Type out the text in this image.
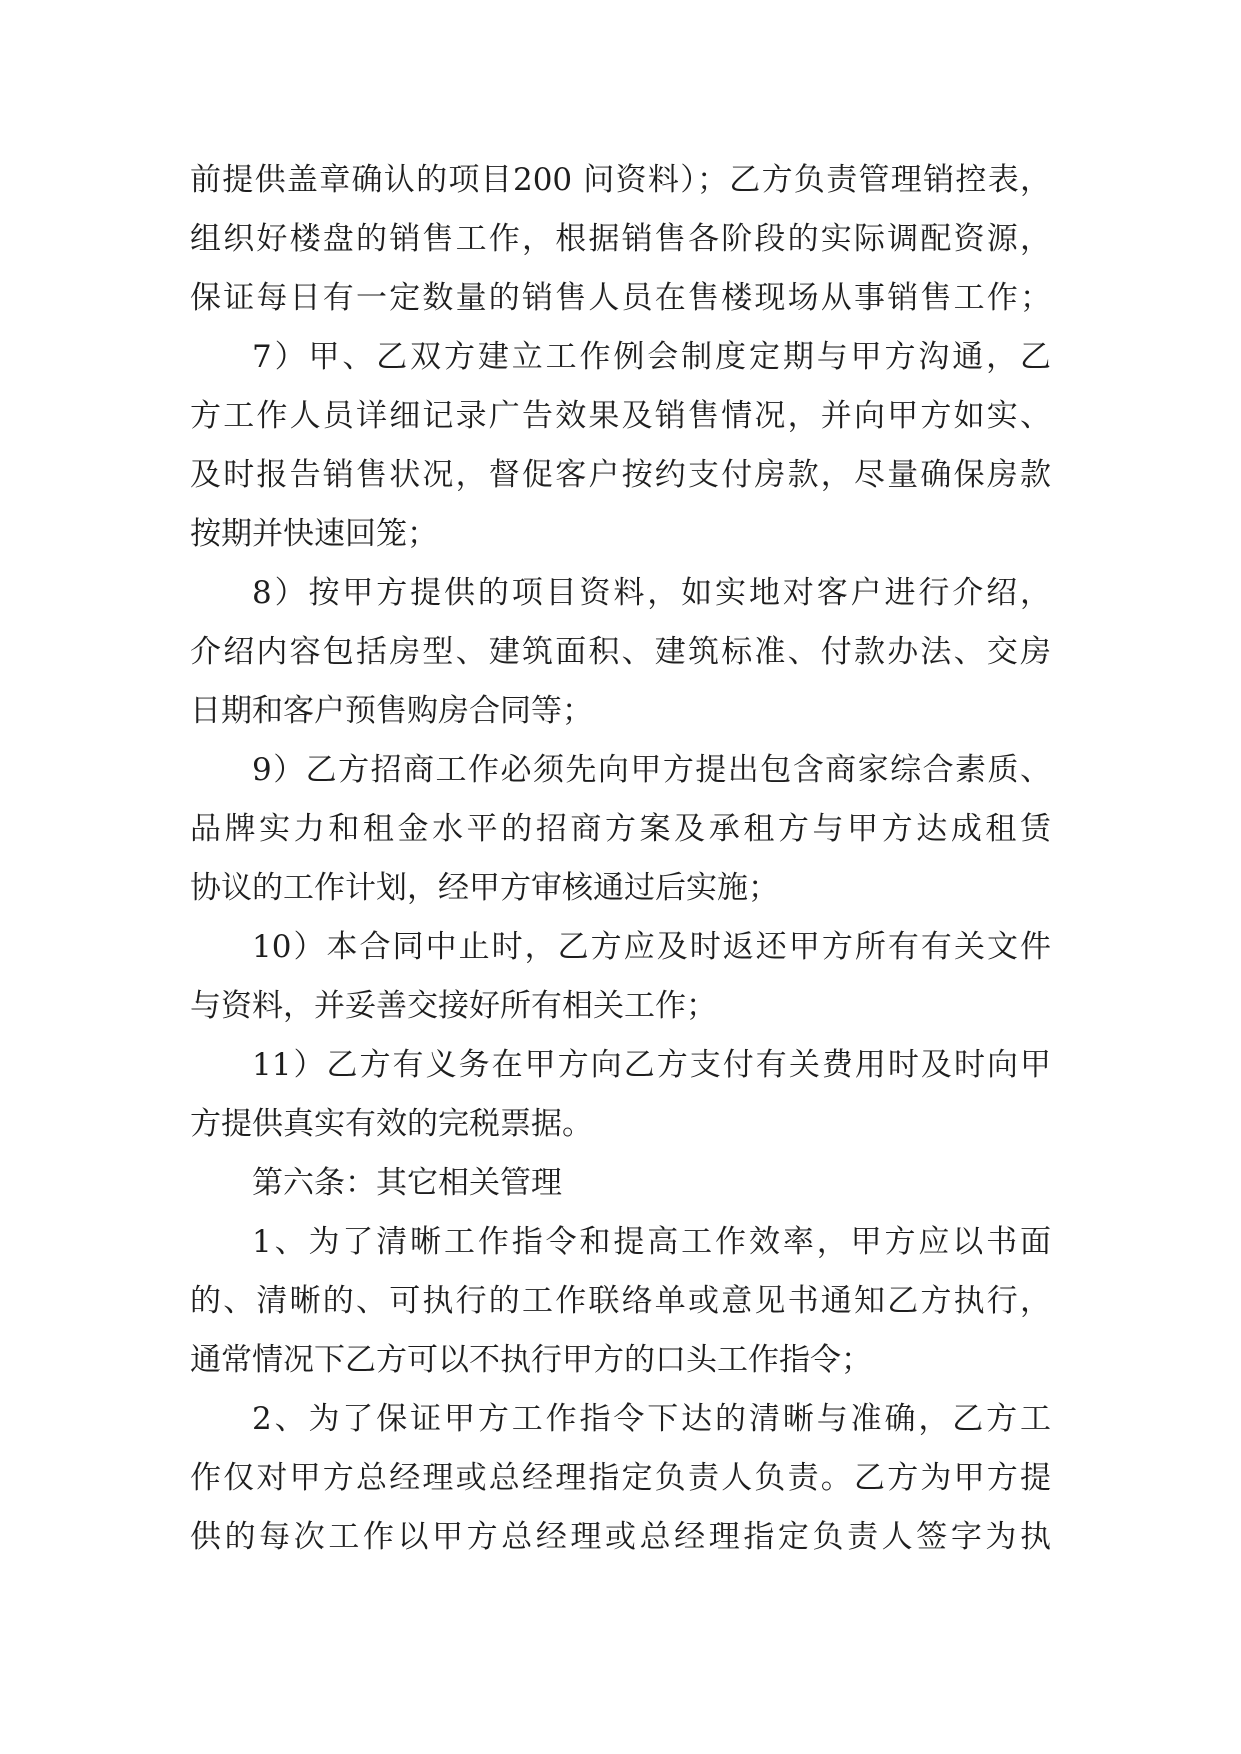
前提供盖章确认的项目200 问资料）；乙方负责管理销控表，
组织好楼盘的销售工作，根据销售各阶段的实际调配资源，
保证每日有一定数量的销售人员在售楼现场从事销售工作；
7）甲、乙双方建立工作例会制度定期与甲方沟通，乙
方工作人员详细记录广告效果及销售情况，并向甲方如实、
及时报告销售状况，督促客户按约支付房款，尽量确保房款
按期并快速回笼；
8）按甲方提供的项目资料，如实地对客户进行介绍，
介绍内容包括房型、建筑面积、建筑标准、付款办法、交房
日期和客户预售购房合同等；
9）乙方招商工作必须先向甲方提出包含商家综合素质、
品牌实力和租金水平的招商方案及承租方与甲方达成租赁
协议的工作计划，经甲方审核通过后实施；
10）本合同中止时，乙方应及时返还甲方所有有关文件
与资料，并妥善交接好所有相关工作；
11）乙方有义务在甲方向乙方支付有关费用时及时向甲
方提供真实有效的完税票据。
第六条：其它相关管理
1、为了清晰工作指令和提高工作效率，甲方应以书面
的、清晰的、可执行的工作联络单或意见书通知乙方执行，
通常情况下乙方可以不执行甲方的口头工作指令；
2、为了保证甲方工作指令下达的清晰与准确，乙方工
作仅对甲方总经理或总经理指定负责人负责。乙方为甲方提
供的每次工作以甲方总经理或总经理指定负责人签字为执
